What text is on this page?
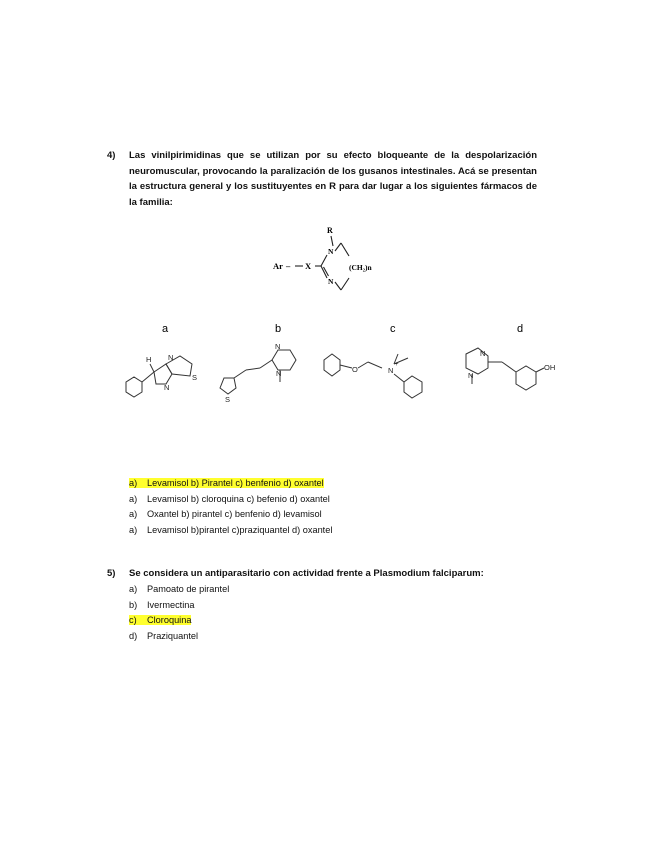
4) Las vinilpirimidinas que se utilizan por su efecto bloqueante de la despolarización neuromuscular, provocando la paralización de los gusanos intestinales. Acá se presentan la estructura general y los sustituyentes en R para dar lugar a los siguientes fármacos de la familia:
R
Ar – X
N
N
(CH₂)n
a	b	c	d
H N
N
S
N
N
S
O	N
+
N
N
OH
a) Levamisol b) Pirantel c) benfenio d) oxantel
a) Levamisol b) cloroquina c) befenio d) oxantel
a) Oxantel b) pirantel c) benfenio d) levamisol
a) Levamisol b)pirantel c)praziquantel d) oxantel
5) Se considera un antiparasitario con actividad frente a Plasmodium falciparum:
a) Pamoato de pirantel
b) Ivermectina
c) Cloroquina
d) Praziquantel
